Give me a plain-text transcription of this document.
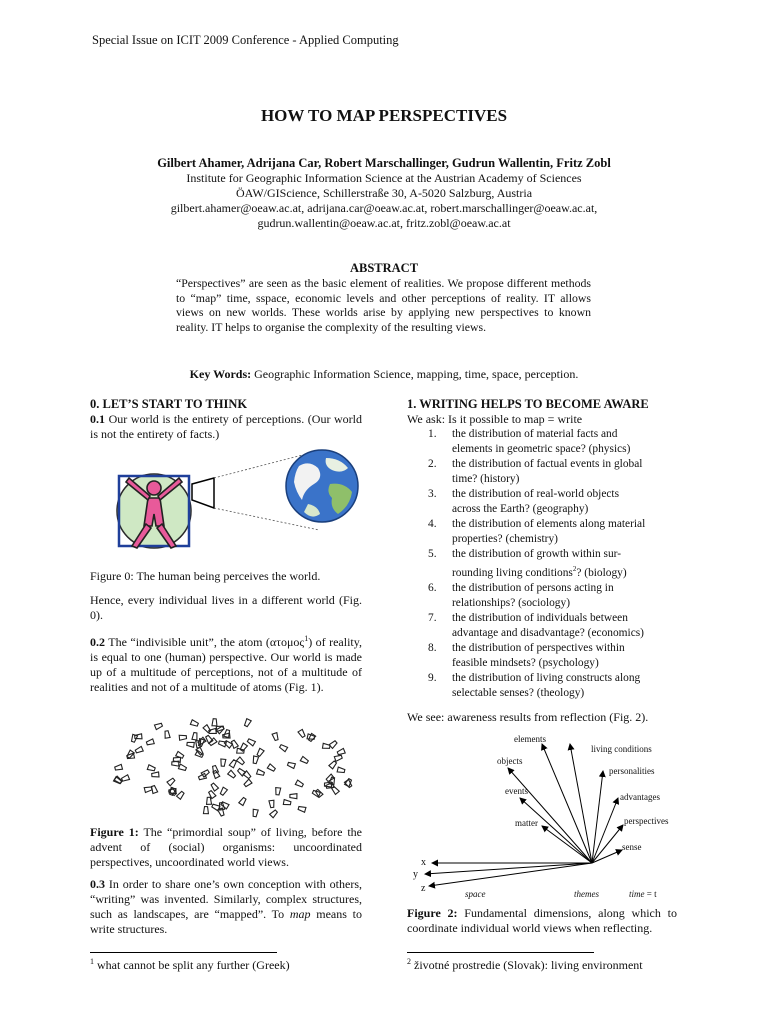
Special Issue on ICIT 2009 Conference - Applied Computing
HOW TO MAP PERSPECTIVES
Gilbert Ahamer, Adrijana Car, Robert Marschallinger, Gudrun Wallentin, Fritz Zobl
Institute for Geographic Information Science at the Austrian Academy of Sciences
ÖAW/GIScience, Schillerstraße 30, A-5020 Salzburg, Austria
gilbert.ahamer@oeaw.ac.at, adrijana.car@oeaw.ac.at, robert.marschallinger@oeaw.ac.at,
gudrun.wallentin@oeaw.ac.at, fritz.zobl@oeaw.ac.at
ABSTRACT
“Perspectives” are seen as the basic element of realities. We propose different methods to “map” time, sspace, economic levels and other perceptions of reality. IT allows views on new worlds. These worlds arise by applying new perspectives to known reality. IT helps to organise the complexity of the resulting views.
Key Words: Geographic Information Science, mapping, time, space, perception.
0. LET’S START TO THINK
0.1 Our world is the entirety of perceptions. (Our world is not the entirety of facts.)
Figure 0: The human being perceives the world.
Hence, every individual lives in a different world (Fig. 0).
0.2 The “indivisible unit”, the atom (ατομος$^1$) of reality, is equal to one (human) perspective. Our world is made up of a multitude of perceptions, not of a multitude of realities and not of a multitude of atoms (Fig. 1).
Figure 1: The “primordial soup” of living, before the advent of (social) organisms: uncoordinated perspectives, uncoordinated world views.
0.3 In order to share one’s own conception with others, “writing” was invented. Similarly, complex structures, such as landscapes, are “mapped”. To map means to write structures.
$^1$ what cannot be split any further (Greek)
1. WRITING HELPS TO BECOME AWARE
We ask: Is it possible to map = write
1. the distribution of material facts and
elements in geometric space? (physics)
2. the distribution of factual events in global
time? (history)
3. the distribution of real-world objects
across the Earth? (geography)
4. the distribution of elements along material
properties? (chemistry)
5. the distribution of growth within sur-
rounding living conditions$^2$? (biology)
6. the distribution of persons acting in
relationships? (sociology)
7. the distribution of individuals between
advantage and disadvantage? (economics)
8. the distribution of perspectives within
feasible mindsets? (psychology)
9. the distribution of living constructs along
selectable senses? (theology)
We see: awareness results from reflection (Fig. 2).
elements
living conditions
objects
personalities
events
advantages
matter	perspectives
sense
x
y
z	space	themes	time = t
Figure 2: Fundamental dimensions, along which to coordinate individual world views when reflecting.
$^2$ životné prostredie (Slovak): living environment
